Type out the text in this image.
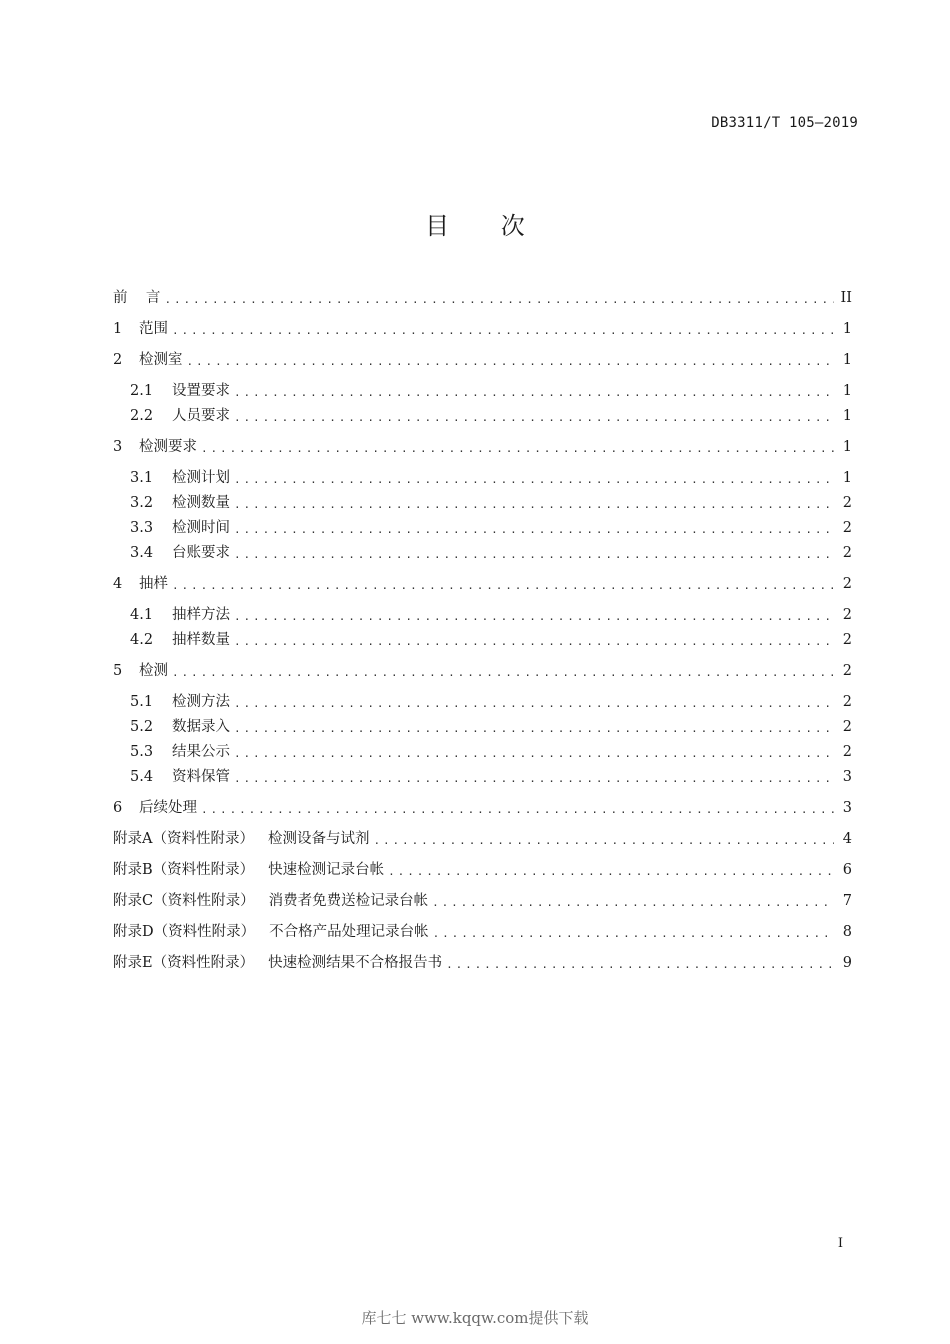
DB3311/T 105—2019
目 次
前    言 .....	II
1	范围 .....	1
2	检测室 .....	1
2.1	设置要求 .....	1
2.2	人员要求 .....	1
3	检测要求 .....	1
3.1	检测计划 .....	1
3.2	检测数量 .....	2
3.3	检测时间 .....	2
3.4	台账要求 .....	2
4	抽样 .....	2
4.1	抽样方法 .....	2
4.2	抽样数量 .....	2
5	检测 .....	2
5.1	检测方法 .....	2
5.2	数据录入 .....	2
5.3	结果公示 .....	2
5.4	资料保管 .....	3
6	后续处理 .....	3
附录A（资料性附录） 检测设备与试剂 .....	4
附录B（资料性附录） 快速检测记录台帐 .....	6
附录C（资料性附录） 消费者免费送检记录台帐 .....	7
附录D（资料性附录） 不合格产品处理记录台帐 .....	8
附录E（资料性附录） 快速检测结果不合格报告书 .....	9
I
库七七 www.kqqw.com提供下载
